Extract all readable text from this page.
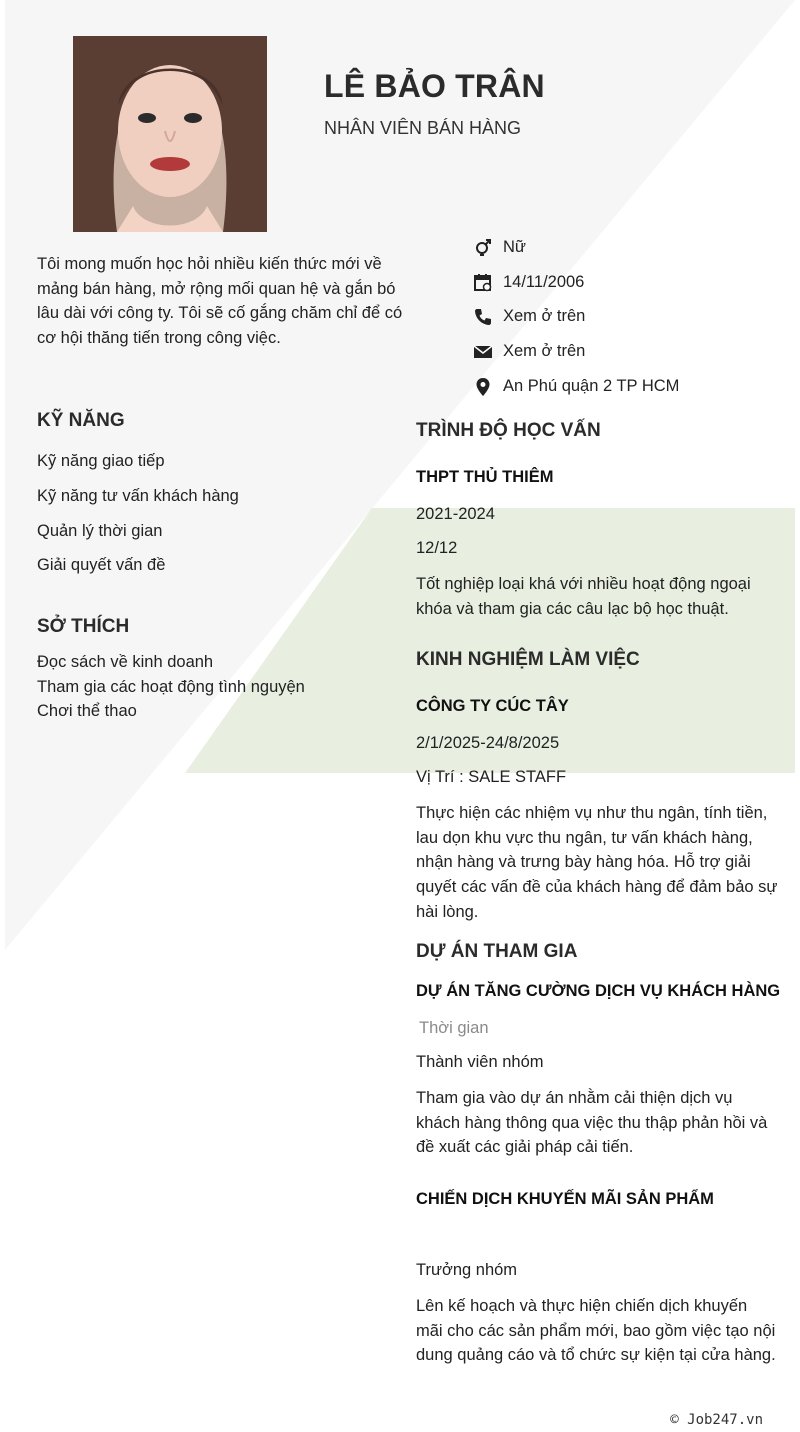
LÊ BẢO TRÂN
NHÂN VIÊN BÁN HÀNG
Tôi mong muốn học hỏi nhiều kiến thức mới về mảng bán hàng, mở rộng mối quan hệ và gắn bó lâu dài với công ty. Tôi sẽ cố gắng chăm chỉ để có cơ hội thăng tiến trong công việc.
Nữ
14/11/2006
Xem ở trên
Xem ở trên
An Phú quận 2 TP HCM
KỸ NĂNG
Kỹ năng giao tiếp
Kỹ năng tư vấn khách hàng
Quản lý thời gian
Giải quyết vấn đề
SỞ THÍCH
Đọc sách về kinh doanh
Tham gia các hoạt động tình nguyện
Chơi thể thao
TRÌNH ĐỘ HỌC VẤN
THPT THỦ THIÊM
2021-2024
12/12
Tốt nghiệp loại khá với nhiều hoạt động ngoại khóa và tham gia các câu lạc bộ học thuật.
KINH NGHIỆM LÀM VIỆC
CÔNG TY CÚC TÂY
2/1/2025-24/8/2025
Vị Trí : SALE STAFF
Thực hiện các nhiệm vụ như thu ngân, tính tiền, lau dọn khu vực thu ngân, tư vấn khách hàng, nhận hàng và trưng bày hàng hóa. Hỗ trợ giải quyết các vấn đề của khách hàng để đảm bảo sự hài lòng.
DỰ ÁN THAM GIA
DỰ ÁN TĂNG CƯỜNG DỊCH VỤ KHÁCH HÀNG
Thời gian
Thành viên nhóm
Tham gia vào dự án nhằm cải thiện dịch vụ khách hàng thông qua việc thu thập phản hồi và đề xuất các giải pháp cải tiến.
CHIẾN DỊCH KHUYẾN MÃI SẢN PHẨM
Trưởng nhóm
Lên kế hoạch và thực hiện chiến dịch khuyến mãi cho các sản phẩm mới, bao gồm việc tạo nội dung quảng cáo và tổ chức sự kiện tại cửa hàng.
© Job247.vn
